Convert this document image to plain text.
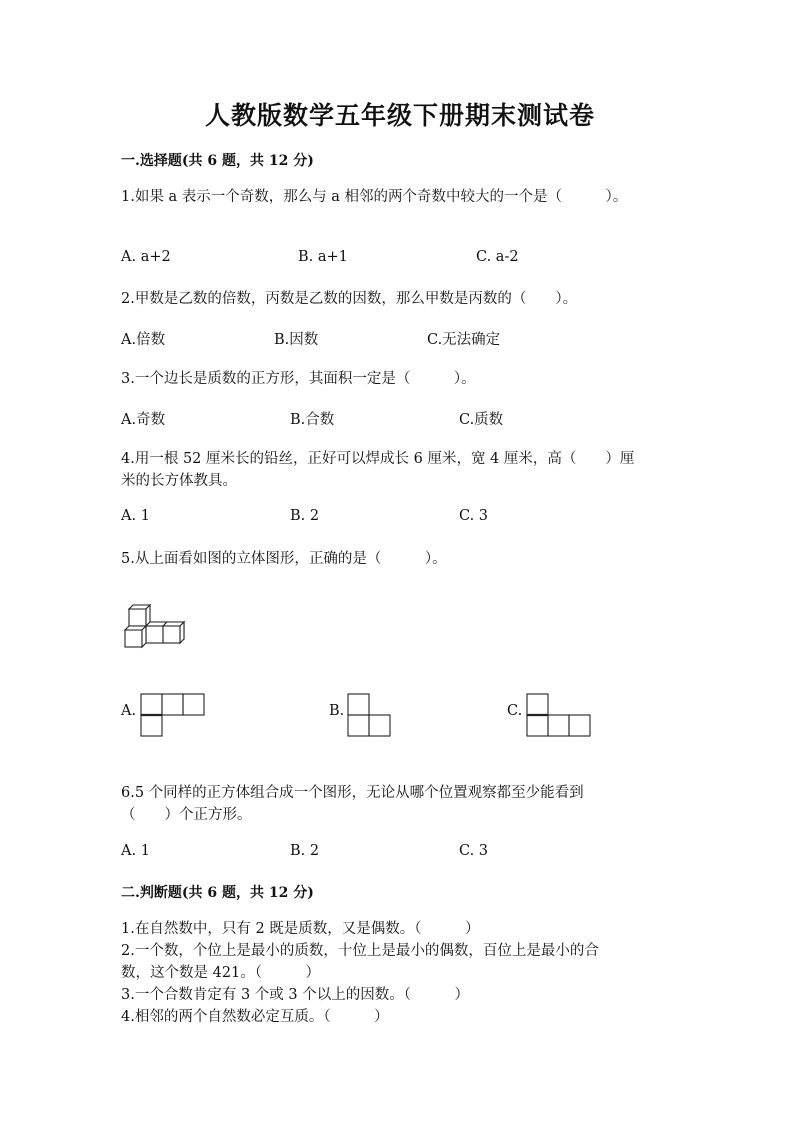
人教版数学五年级下册期末测试卷
一.选择题(共 6 题，共 12 分)
1.如果 a 表示一个奇数，那么与 a 相邻的两个奇数中较大的一个是（　　　）。
A. a+2	B. a+1	C. a-2
2.甲数是乙数的倍数，丙数是乙数的因数，那么甲数是丙数的（　　）。
A.倍数	B.因数	C.无法确定
3.一个边长是质数的正方形，其面积一定是（　　　）。
A.奇数	B.合数	C.质数
4.用一根 52 厘米长的铅丝，正好可以焊成长 6 厘米，宽 4 厘米，高（　　）厘
米的长方体教具。
A. 1	B. 2	C. 3
5.从上面看如图的立体图形，正确的是（　　　）。
A.	B.	C.
6.5 个同样的正方体组合成一个图形，无论从哪个位置观察都至少能看到
（　　）个正方形。
A. 1	B. 2	C. 3
二.判断题(共 6 题，共 12 分)
1.在自然数中，只有 2 既是质数，又是偶数。（　　　）
2.一个数，个位上是最小的质数，十位上是最小的偶数，百位上是最小的合
数，这个数是 421。（　　　）
3.一个合数肯定有 3 个或 3 个以上的因数。（　　　）
4.相邻的两个自然数必定互质。（　　　）
